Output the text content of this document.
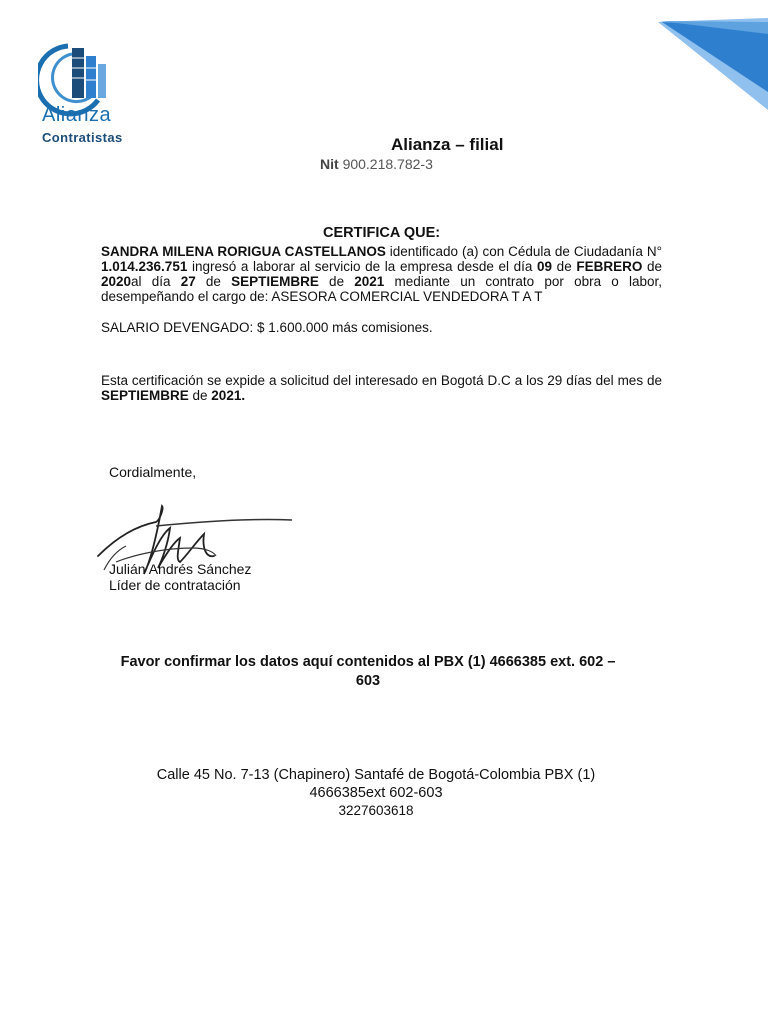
Alianza
Contratistas	Alianza – filial
Nit 900.218.782-3
CERTIFICA QUE:
SANDRA MILENA RORIGUA CASTELLANOS identificado (a) con Cédula de Ciudadanía N° 1.014.236.751 ingresó a laborar al servicio de la empresa desde el día 09 de FEBRERO de 2020al día 27 de SEPTIEMBRE de 2021 mediante un contrato por obra o labor, desempeñando el cargo de: ASESORA COMERCIAL VENDEDORA T A T
SALARIO DEVENGADO: $ 1.600.000 más comisiones.
Esta certificación se expide a solicitud del interesado en Bogotá D.C a los 29 días del mes de SEPTIEMBRE de 2021.
Cordialmente,
Julián Andrés Sánchez
Líder de contratación
Favor confirmar los datos aquí contenidos al PBX (1) 4666385 ext. 602 – 603
Calle 45 No. 7-13 (Chapinero) Santafé de Bogotá-Colombia PBX (1) 4666385ext 602-603
3227603618
